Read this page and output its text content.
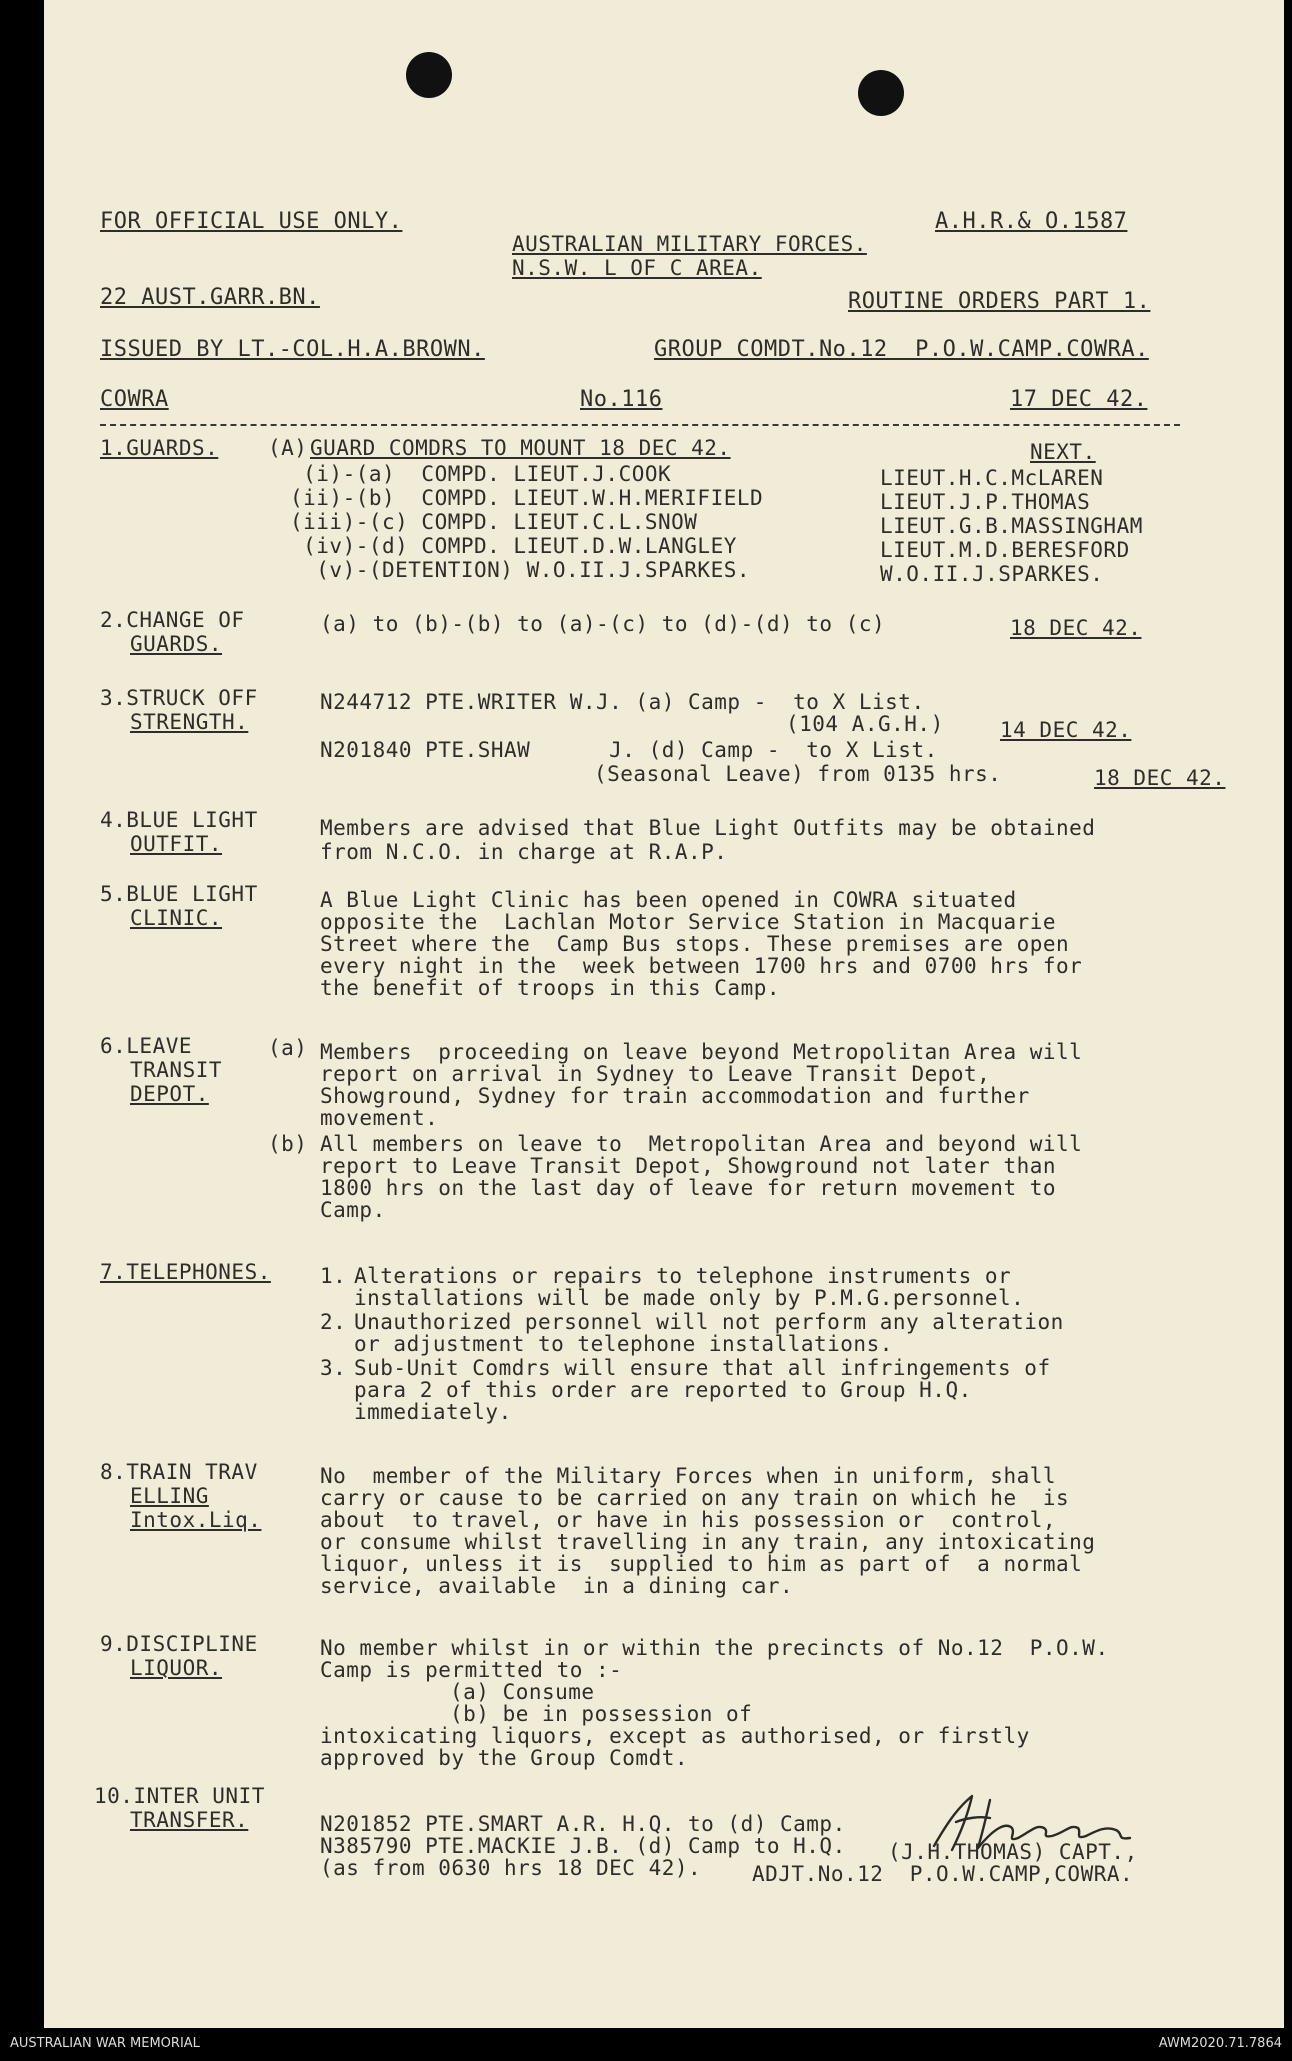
FOR OFFICIAL USE ONLY.	A.H.R.& O.1587
AUSTRALIAN MILITARY FORCES.
N.S.W. L OF C AREA.
22 AUST.GARR.BN.	ROUTINE ORDERS PART 1.
ISSUED BY LT.-COL.H.A.BROWN.	GROUP COMDT.No.12  P.O.W.CAMP.COWRA.
COWRA	No.116	17 DEC 42.
1.GUARDS. (A) GUARD COMDRS TO MOUNT 18 DEC 42.	NEXT.
(i)-(a)  COMPD. LIEUT.J.COOK	LIEUT.H.C.McLAREN
(ii)-(b)  COMPD. LIEUT.W.H.MERIFIELD	LIEUT.J.P.THOMAS
(iii)-(c) COMPD. LIEUT.C.L.SNOW	LIEUT.G.B.MASSINGHAM
(iv)-(d) COMPD. LIEUT.D.W.LANGLEY	LIEUT.M.D.BERESFORD
(v)-(DETENTION) W.O.II.J.SPARKES.	W.O.II.J.SPARKES.
2.CHANGE OF
GUARDS.
(a) to (b)-(b) to (a)-(c) to (d)-(d) to (c)	18 DEC 42.
3.STRUCK OFF
STRENGTH.
N244712 PTE.WRITER W.J. (a) Camp -  to X List.
(104 A.G.H.)	14 DEC 42.
N201840 PTE.SHAW      J. (d) Camp -  to X List.
(Seasonal Leave) from 0135 hrs.	18 DEC 42.
4.BLUE LIGHT
OUTFIT.
Members are advised that Blue Light Outfits may be obtained
from N.C.O. in charge at R.A.P.
5.BLUE LIGHT
CLINIC.
A Blue Light Clinic has been opened in COWRA situated
opposite the  Lachlan Motor Service Station in Macquarie
Street where the  Camp Bus stops. These premises are open
every night in the  week between 1700 hrs and 0700 hrs for
the benefit of troops in this Camp.
6.LEAVE
TRANSIT
DEPOT.
(a) Members  proceeding on leave beyond Metropolitan Area will
report on arrival in Sydney to Leave Transit Depot,
Showground, Sydney for train accommodation and further
movement.
(b) All members on leave to  Metropolitan Area and beyond will
report to Leave Transit Depot, Showground not later than
1800 hrs on the last day of leave for return movement to
Camp.
7.TELEPHONES. 1. Alterations or repairs to telephone instruments or
installations will be made only by P.M.G.personnel.
2. Unauthorized personnel will not perform any alteration
or adjustment to telephone installations.
3. Sub-Unit Comdrs will ensure that all infringements of
para 2 of this order are reported to Group H.Q.
immediately.
8.TRAIN TRAV
ELLING
Intox.Liq.
No  member of the Military Forces when in uniform, shall
carry or cause to be carried on any train on which he  is
about  to travel, or have in his possession or  control,
or consume whilst travelling in any train, any intoxicating
liquor, unless it is  supplied to him as part of  a normal
service, available  in a dining car.
9.DISCIPLINE
LIQUOR.
No member whilst in or within the precincts of No.12  P.O.W.
Camp is permitted to :-
(a) Consume
(b) be in possession of
intoxicating liquors, except as authorised, or firstly
approved by the Group Comdt.
10.INTER UNIT
TRANSFER.	N201852 PTE.SMART A.R. H.Q. to (d) Camp.
N385790 PTE.MACKIE J.B. (d) Camp to H.Q.
(as from 0630 hrs 18 DEC 42).
(J.H.THOMAS) CAPT.,
ADJT.No.12  P.O.W.CAMP,COWRA.
AUSTRALIAN WAR MEMORIAL	AWM2020.71.7864
